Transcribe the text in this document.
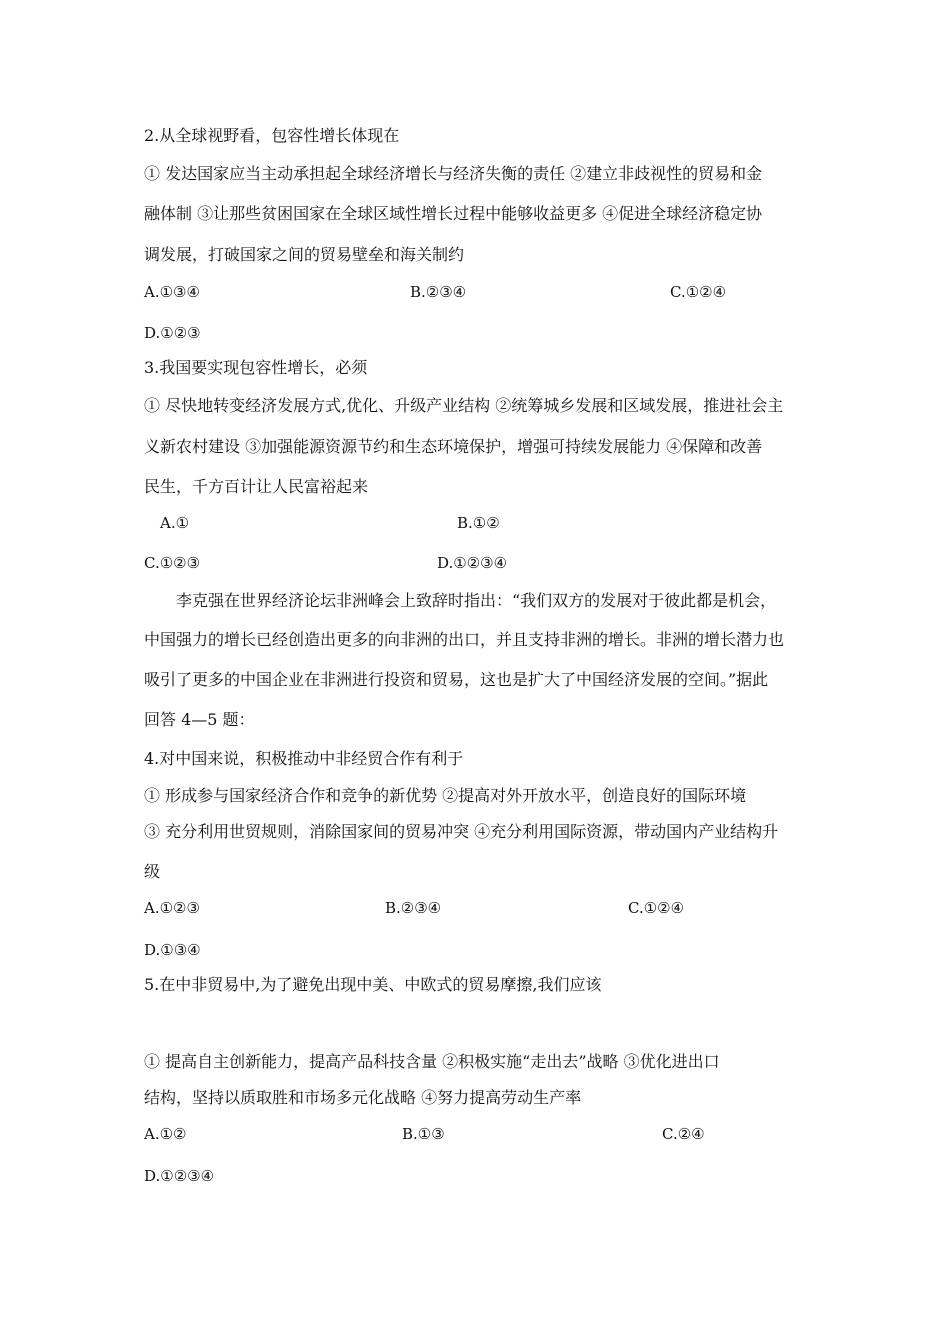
2.从全球视野看，包容性增长体现在
① 发达国家应当主动承担起全球经济增长与经济失衡的责任 ②建立非歧视性的贸易和金
融体制 ③让那些贫困国家在全球区域性增长过程中能够收益更多 ④促进全球经济稳定协
调发展，打破国家之间的贸易壁垒和海关制约
A.①③④	B.②③④	C.①②④
D.①②③
3.我国要实现包容性增长，必须
① 尽快地转变经济发展方式,优化、升级产业结构 ②统筹城乡发展和区域发展，推进社会主
义新农村建设 ③加强能源资源节约和生态环境保护，增强可持续发展能力 ④保障和改善
民生，千方百计让人民富裕起来
A.①	B.①②
C.①②③	D.①②③④
李克强在世界经济论坛非洲峰会上致辞时指出：“我们双方的发展对于彼此都是机会，
中国强力的增长已经创造出更多的向非洲的出口，并且支持非洲的增长。非洲的增长潜力也
吸引了更多的中国企业在非洲进行投资和贸易，这也是扩大了中国经济发展的空间。”据此
回答 4—5 题：
4.对中国来说，积极推动中非经贸合作有利于
① 形成参与国家经济合作和竞争的新优势 ②提高对外开放水平，创造良好的国际环境
③ 充分利用世贸规则，消除国家间的贸易冲突 ④充分利用国际资源，带动国内产业结构升
级
A.①②③	B.②③④	C.①②④
D.①③④
5.在中非贸易中,为了避免出现中美、中欧式的贸易摩擦,我们应该
① 提高自主创新能力，提高产品科技含量 ②积极实施“走出去”战略 ③优化进出口
结构，坚持以质取胜和市场多元化战略 ④努力提高劳动生产率
A.①②	B.①③	C.②④
D.①②③④
